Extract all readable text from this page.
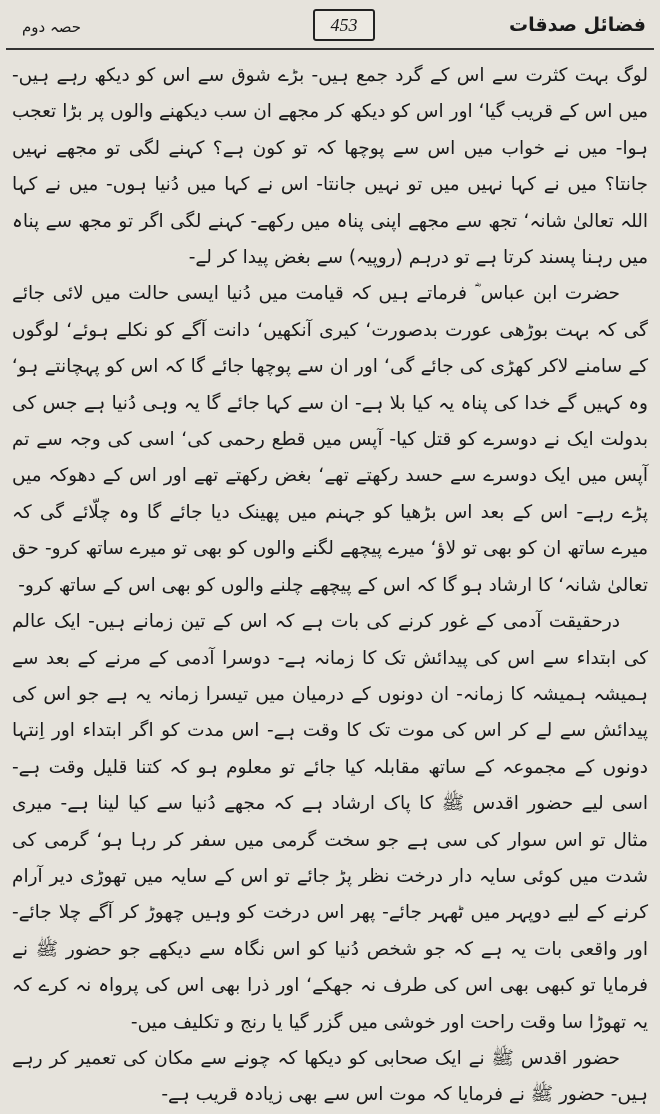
حصہ دوم	453	فضائل صدقات

لوگ بہت کثرت سے اس کے گرد جمع ہیں- بڑے شوق سے اس کو دیکھ رہے ہیں- میں اس کے قریب گیا‘ اور اس کو دیکھ کر مجھے ان سب دیکھنے والوں پر بڑا تعجب ہوا- میں نے خواب میں اس سے پوچھا کہ تو کون ہے؟ کہنے لگی تو مجھے نہیں جانتا؟ میں نے کہا نہیں میں تو نہیں جانتا- اس نے کہا میں دُنیا ہوں- میں نے کہا اللہ تعالیٰ شانہ‘ تجھ سے مجھے اپنی پناہ میں رکھے- کہنے لگی اگر تو مجھ سے پناہ میں رہنا پسند کرتا ہے تو درہم (روپیہ) سے بغض پیدا کر لے-

حضرت ابن عباس ؓ فرماتے ہیں کہ قیامت میں دُنیا ایسی حالت میں لائی جائے گی کہ بہت بوڑھی عورت بدصورت‘ کیری آنکھیں‘ دانت آگے کو نکلے ہوئے‘ لوگوں کے سامنے لاکر کھڑی کی جائے گی‘ اور ان سے پوچھا جائے گا کہ اس کو پہچانتے ہو‘ وہ کہیں گے خدا کی پناہ یہ کیا بلا ہے- ان سے کہا جائے گا یہ وہی دُنیا ہے جس کی بدولت ایک نے دوسرے کو قتل کیا- آپس میں قطع رحمی کی‘ اسی کی وجہ سے تم آپس میں ایک دوسرے سے حسد رکھتے تھے‘ بغض رکھتے تھے اور اس کے دھوکہ میں پڑے رہے- اس کے بعد اس بڑھیا کو جہنم میں پھینک دیا جائے گا وہ چلّائے گی کہ میرے ساتھ ان کو بھی تو لاؤ‘ میرے پیچھے لگنے والوں کو بھی تو میرے ساتھ کرو- حق تعالیٰ شانہ‘ کا ارشاد ہو گا کہ اس کے پیچھے چلنے والوں کو بھی اس کے ساتھ کرو-

درحقیقت آدمی کے غور کرنے کی بات ہے کہ اس کے تین زمانے ہیں- ایک عالم کی ابتداء سے اس کی پیدائش تک کا زمانہ ہے- دوسرا آدمی کے مرنے کے بعد سے ہمیشہ ہمیشہ کا زمانہ- ان دونوں کے درمیان میں تیسرا زمانہ یہ ہے جو اس کی پیدائش سے لے کر اس کی موت تک کا وقت ہے- اس مدت کو اگر ابتداء اور اِنتہا دونوں کے مجموعہ کے ساتھ مقابلہ کیا جائے تو معلوم ہو کہ کتنا قلیل وقت ہے- اسی لیے حضور اقدس ﷺ کا پاک ارشاد ہے کہ مجھے دُنیا سے کیا لینا ہے- میری مثال تو اس سوار کی سی ہے جو سخت گرمی میں سفر کر رہا ہو‘ گرمی کی شدت میں کوئی سایہ دار درخت نظر پڑ جائے تو اس کے سایہ میں تھوڑی دیر آرام کرنے کے لیے دوپہر میں ٹھہر جائے- پھر اس درخت کو وہیں چھوڑ کر آگے چلا جائے- اور واقعی بات یہ ہے کہ جو شخص دُنیا کو اس نگاہ سے دیکھے جو حضور ﷺ نے فرمایا تو کبھی بھی اس کی طرف نہ جھکے‘ اور ذرا بھی اس کی پرواہ نہ کرے کہ یہ تھوڑا سا وقت راحت اور خوشی میں گزر گیا یا رنج و تکلیف میں-

حضور اقدس ﷺ نے ایک صحابی کو دیکھا کہ چونے سے مکان کی تعمیر کر رہے ہیں- حضور ﷺ نے فرمایا کہ موت اس سے بھی زیادہ قریب ہے-
